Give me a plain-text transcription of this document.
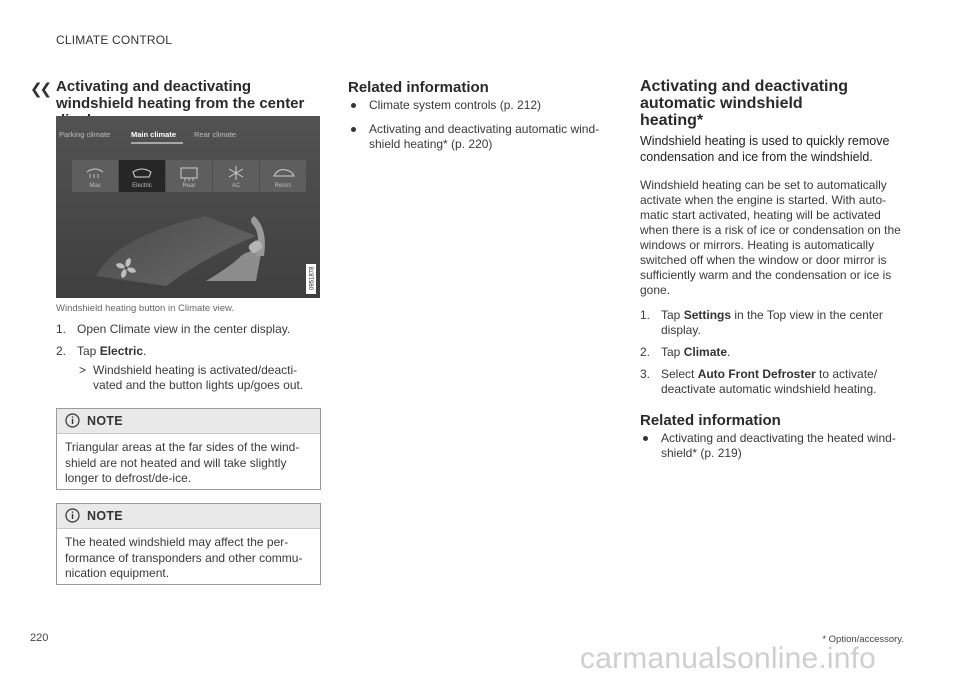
CLIMATE CONTROL
❮❮ Activating and deactivating windshield heating from the center
Parking climate	Main climate Rear climate
Max	Electric	Rear	AC	Recirc
0951878
Windshield heating button in Climate view.
1. Open Climate view in the center display.
2. Tap Electric.
> Windshield heating is activated/deacti-vated and the button lights up/goes out.
NOTE
Triangular areas at the far sides of the wind-shield are not heated and will take slightly longer to defrost/de-ice.
NOTE
The heated windshield may affect the per-formance of transponders and other commu-nication equipment.
Related information
Climate system controls (p. 212)
Activating and deactivating automatic wind-shield heating* (p. 220)
Activating and deactivating automatic windshield heating*

Windshield heating is used to quickly remove condensation and ice from the windshield.

Windshield heating can be set to automatically activate when the engine is started. With auto-matic start activated, heating will be activated when there is a risk of ice or condensation on the windows or mirrors. Heating is automatically switched off when the window or door mirror is sufficiently warm and the condensation or ice is gone.

1. Tap Settings in the Top view in the center display.
2. Tap Climate.
3. Select Auto Front Defroster to activate/ deactivate automatic windshield heating.
Related information
Activating and deactivating the heated wind-shield* (p. 219)
220	* Option/accessory.
carmanualsonline.info
